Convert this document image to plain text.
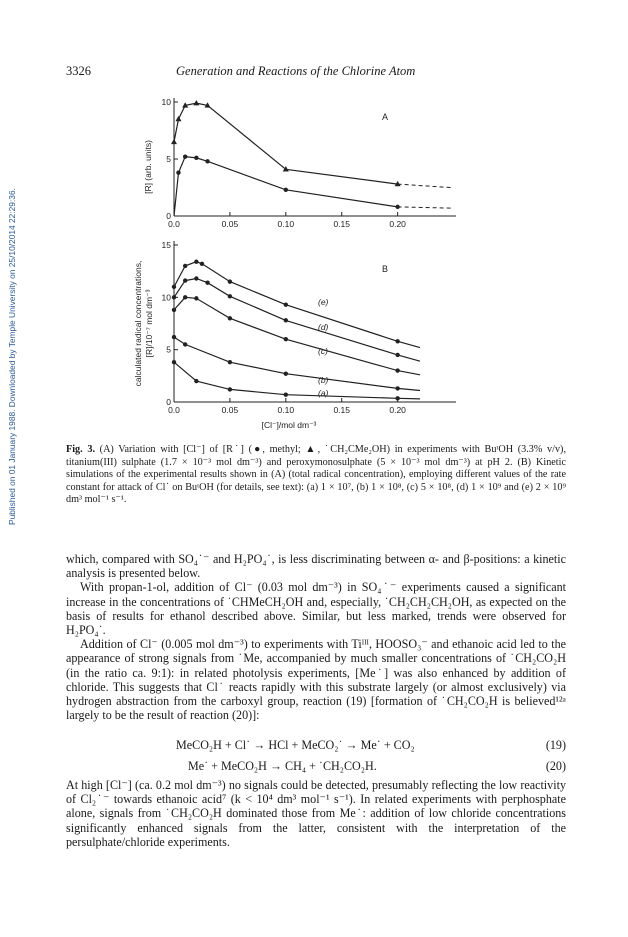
3326	Generation and Reactions of the Chlorine Atom
Published on 01 January 1988. Downloaded by Temple University on 25/10/2014 22:29:36.	0.0	0.05	0.10	0.15	0.20
0
5
10
A
[R] (arb. units)
0.0	0.05	0.10	0.15	0.20
0
5
10
15
B
calculated radical concentrations, [R]/10⁻⁷ mol dm⁻³
[Cl⁻]/mol dm⁻³
(e)
(d)
(c)
(b)
(a)
Fig. 3. (A) Variation with [Cl⁻] of [R˙] (●, methyl; ▲, ˙CH₂CMe₂OH) in experiments with BuᵗOH (3.3% v/v), titanium(III) sulphate (1.7 × 10⁻³ mol dm⁻³) and peroxymonosulphate (5 × 10⁻³ mol dm⁻³) at pH 2. (B) Kinetic simulations of the experimental results shown in (A) (total radical concentration), employing different values of the rate constant for attack of Cl˙ on BuᵗOH (for details, see text): (a) 1 × 10⁷, (b) 1 × 10⁸, (c) 5 × 10⁸, (d) 1 × 10⁹ and (e) 2 × 10⁹ dm³ mol⁻¹ s⁻¹.

which, compared with SO₄˙⁻ and H₂PO₄˙, is less discriminating between α- and β-positions: a kinetic analysis is presented below.

With propan-1-ol, addition of Cl⁻ (0.03 mol dm⁻³) in SO₄˙⁻ experiments caused a significant increase in the concentrations of ˙CHMeCH₂OH and, especially, ˙CH₂CH₂CH₂OH, as expected on the basis of results for ethanol described above. Similar, but less marked, trends were observed for H₂PO₄˙.

Addition of Cl⁻ (0.005 mol dm⁻³) to experiments with Tiᴵᴵᴵ, HOOSO₃⁻ and ethanoic acid led to the appearance of strong signals from ˙Me, accompanied by much smaller concentrations of ˙CH₂CO₂H (in the ratio ca. 9:1): in related photolysis experiments, [Me˙] was also enhanced by addition of chloride. This suggests that Cl˙ reacts rapidly with this substrate largely (or almost exclusively) via hydrogen abstraction from the carboxyl group, reaction (19) [formation of ˙CH₂CO₂H is believed¹²ᵃ largely to be the result of reaction (20)]:

MeCO₂H + Cl˙ → HCl + MeCO₂˙ → Me˙ + CO₂	(19)
Me˙ + MeCO₂H → CH₄ + ˙CH₂CO₂H.	(20)

At high [Cl⁻] (ca. 0.2 mol dm⁻³) no signals could be detected, presumably reflecting the low reactivity of Cl₂˙⁻ towards ethanoic acid⁷ (k < 10⁴ dm³ mol⁻¹ s⁻¹). In related experiments with perphosphate alone, signals from ˙CH₂CO₂H dominated those from Me˙: addition of low chloride concentrations significantly enhanced signals from the latter, consistent with the interpretation of the persulphate/chloride experiments.
